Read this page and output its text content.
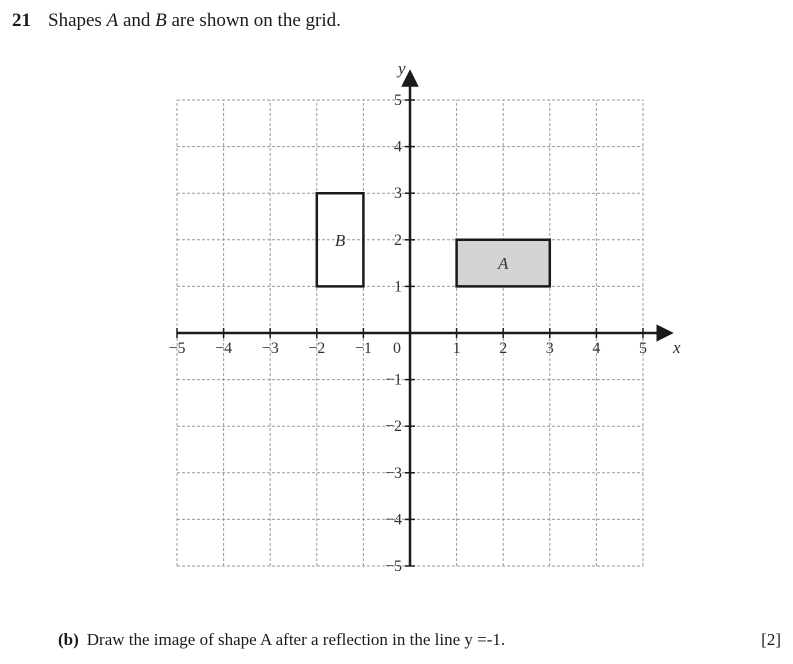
21 Shapes A and B are shown on the grid.
A
B
−5 −4 −3 −2 −1 0	1 2 3 4 5
5
4
3
2
1
−1
−2
−3
−4
−5
x
y
(b) Draw the image of shape A after a reflection in the line y =-1.	[2]
